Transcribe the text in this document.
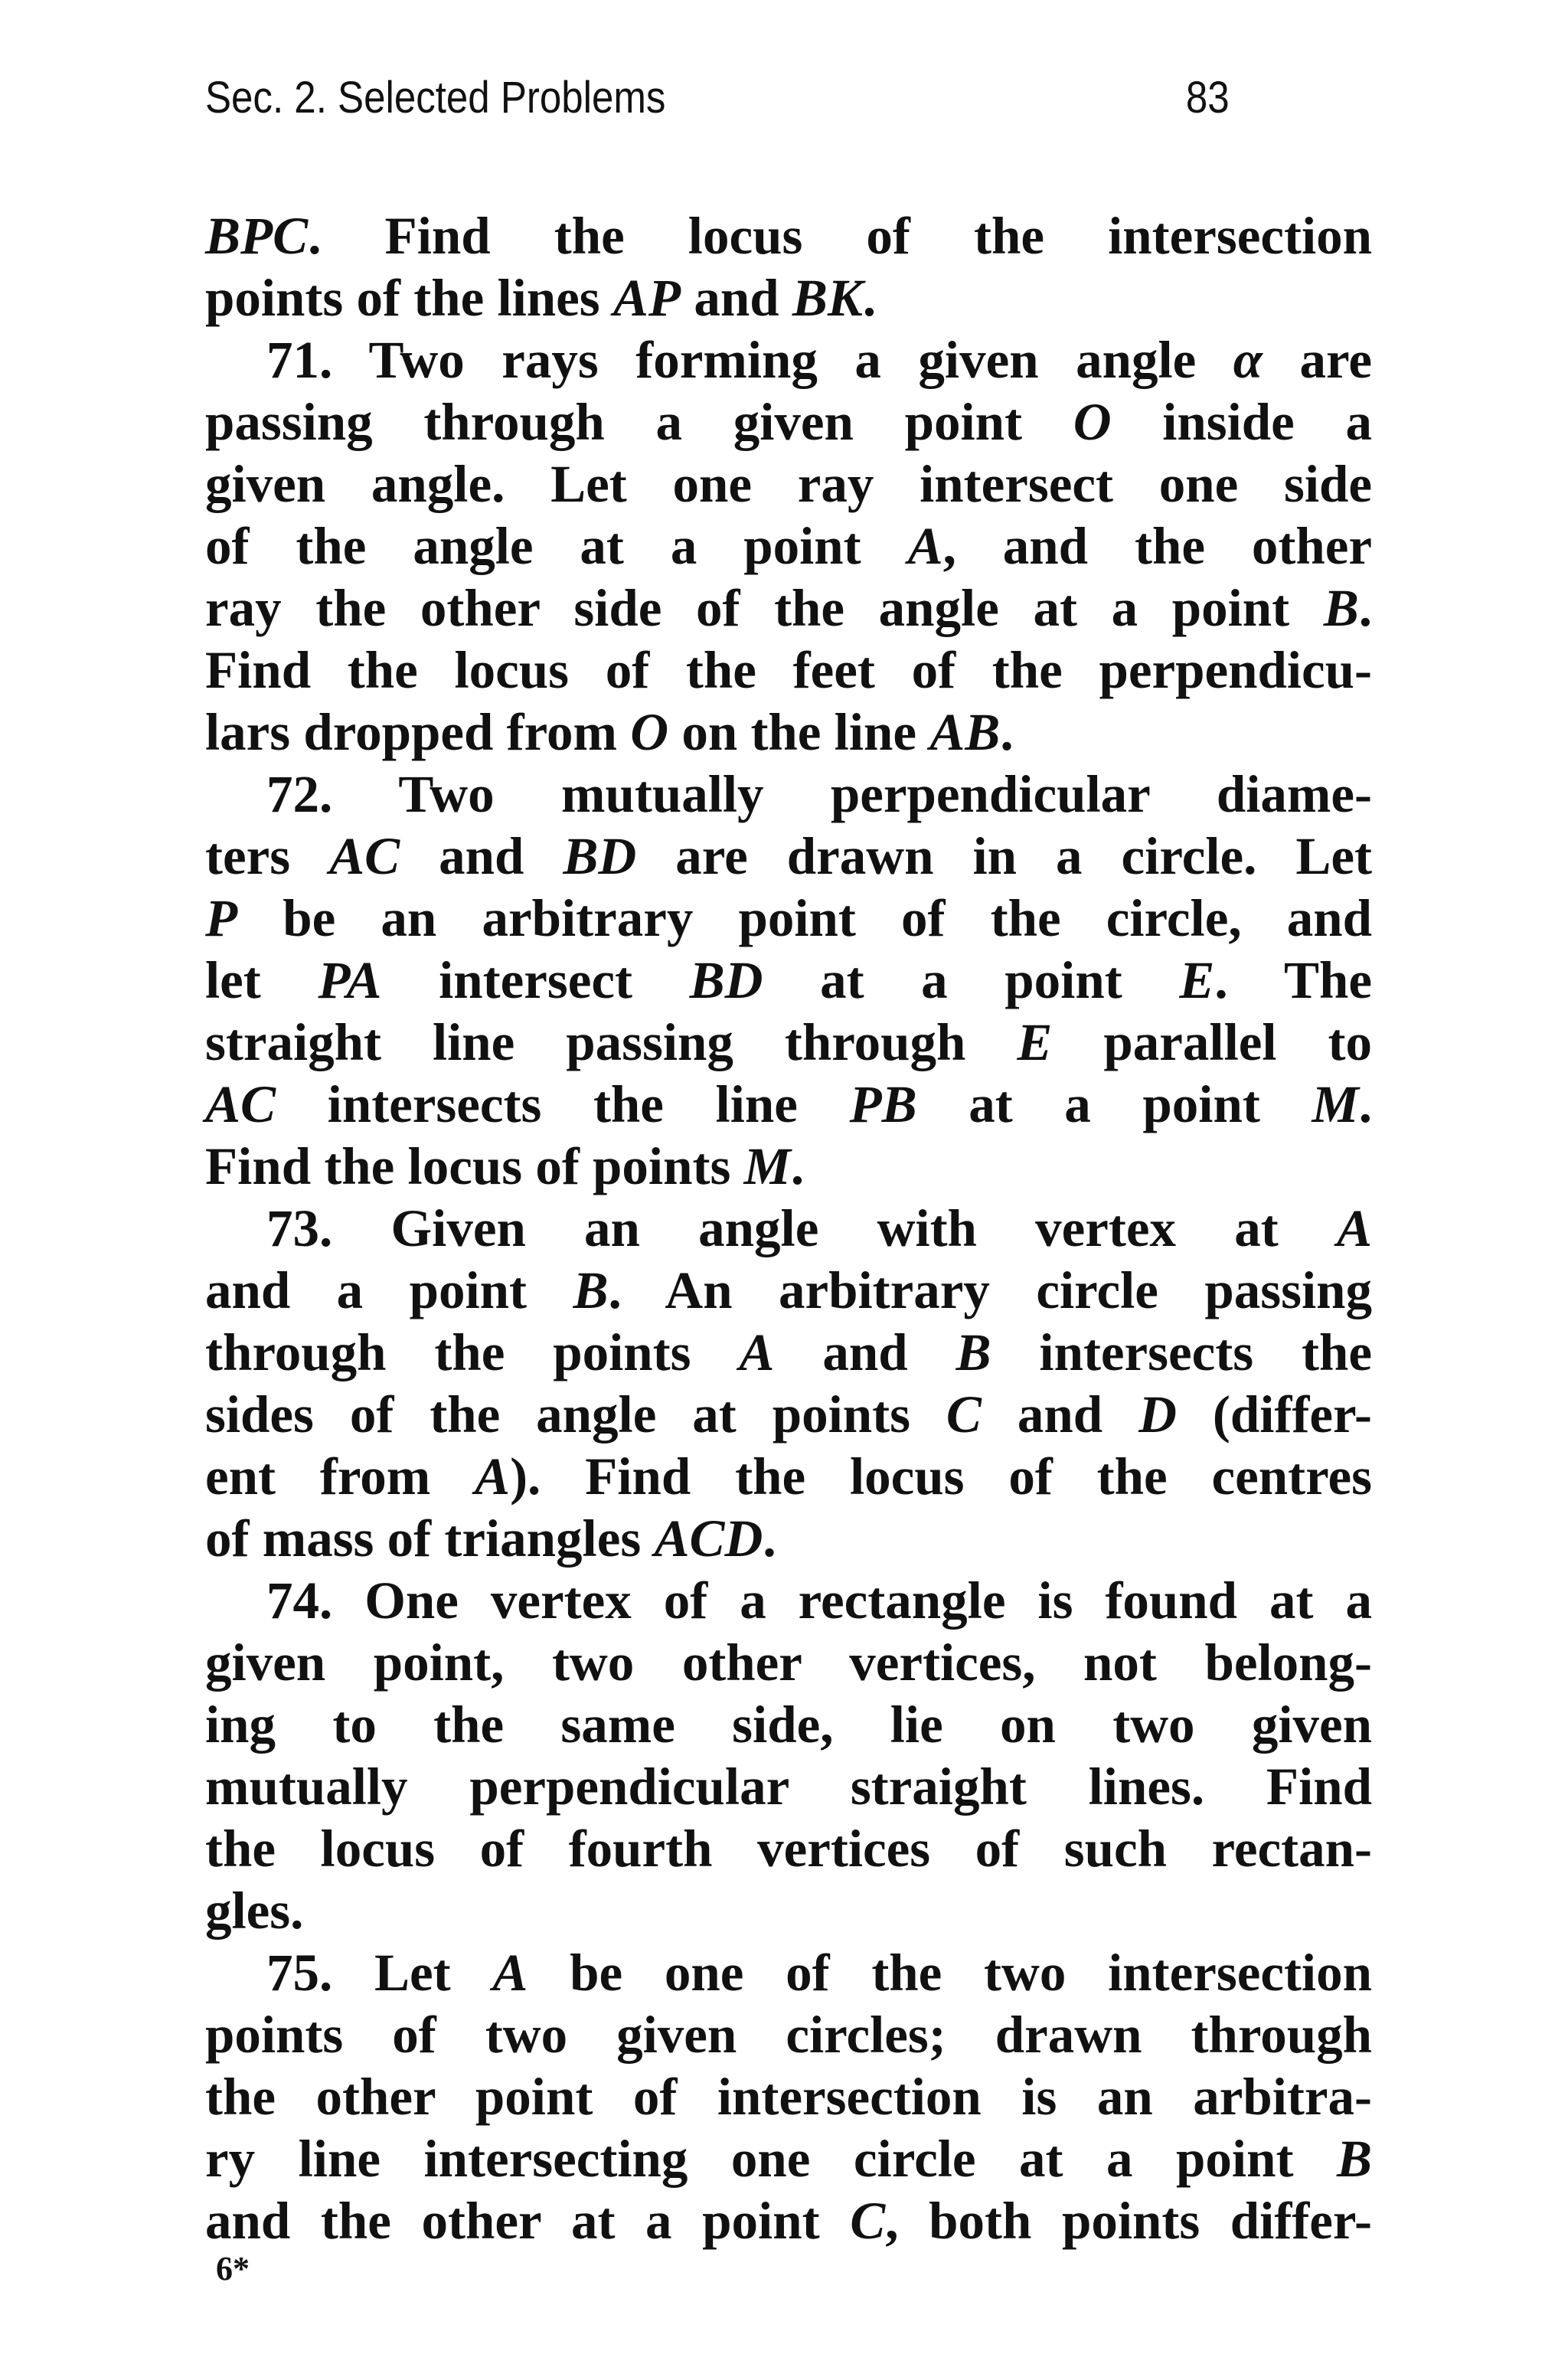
Sec. 2. Selected Problems	83
BPC. Find the locus of the intersection
points of the lines AP and BK.
71. Two rays forming a given angle α are
passing through a given point O inside a
given angle. Let one ray intersect one side
of the angle at a point A, and the other
ray the other side of the angle at a point B.
Find the locus of the feet of the perpendicu-
lars dropped from O on the line AB.
72. Two mutually perpendicular diame-
ters AC and BD are drawn in a circle. Let
P be an arbitrary point of the circle, and
let PA intersect BD at a point E. The
straight line passing through E parallel to
AC intersects the line PB at a point M.
Find the locus of points M.
73. Given an angle with vertex at A
and a point B. An arbitrary circle passing
through the points A and B intersects the
sides of the angle at points C and D (differ-
ent from A). Find the locus of the centres
of mass of triangles ACD.
74. One vertex of a rectangle is found at a
given point, two other vertices, not belong-
ing to the same side, lie on two given
mutually perpendicular straight lines. Find
the locus of fourth vertices of such rectan-
gles.
75. Let A be one of the two intersection
points of two given circles; drawn through
the other point of intersection is an arbitra-
ry line intersecting one circle at a point B
and the other at a point C, both points differ-
6*
